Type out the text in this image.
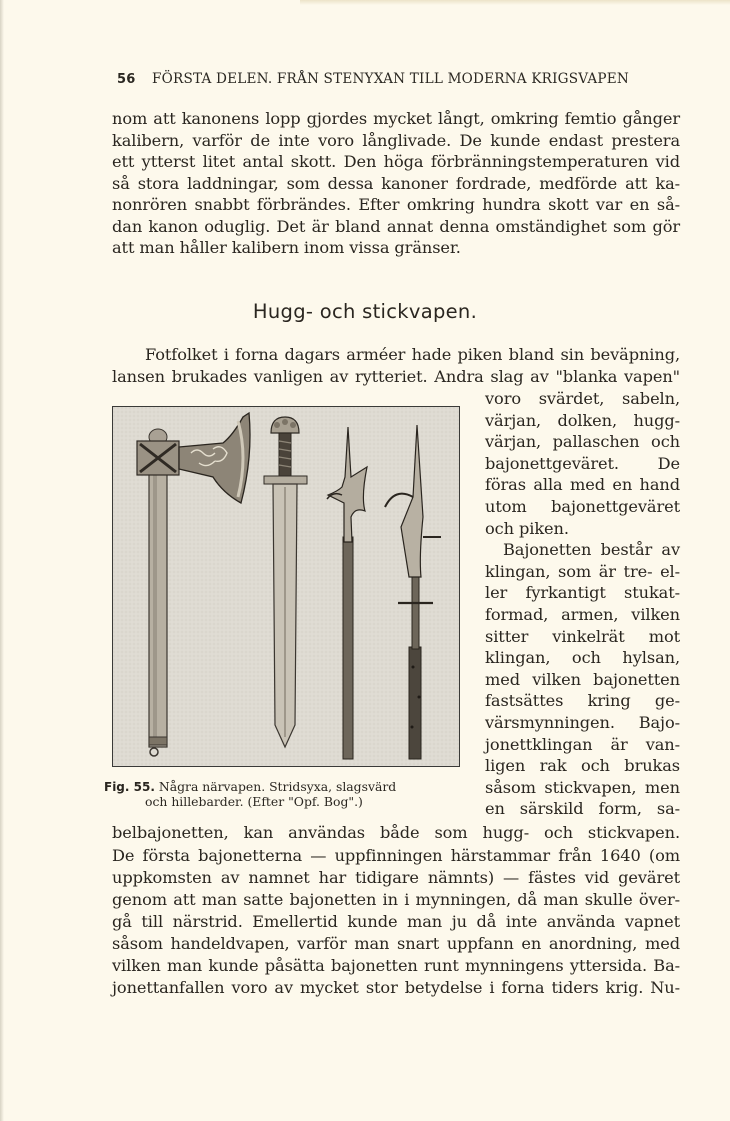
56 FÖRSTA DELEN. FRÅN STENYXAN TILL MODERNA KRIGSVAPEN
nom att kanonens lopp gjordes mycket långt, omkring femtio gånger
kalibern, varför de inte voro långlivade. De kunde endast prestera
ett ytterst litet antal skott. Den höga förbränningstemperaturen vid
så stora laddningar, som dessa kanoner fordrade, medförde att ka-
nonrören snabbt förbrändes. Efter omkring hundra skott var en så-
dan kanon oduglig. Det är bland annat denna omständighet som gör
att man håller kalibern inom vissa gränser.
Hugg- och stickvapen.
Fotfolket i forna dagars arméer hade piken bland sin beväpning,
lansen brukades vanligen av rytteriet. Andra slag av "blanka vapen"
Fig. 55. Några närvapen. Stridsyxa, slagsvärd
och hillebarder. (Efter "Opf. Bog".)
voro svärdet, sabeln,
värjan, dolken, hugg-
värjan, pallaschen och
bajonettgeväret. De
föras alla med en hand
utom bajonettgeväret
och piken.
Bajonetten består av
klingan, som är tre- el-
ler fyrkantigt stukat-
formad, armen, vilken
sitter vinkelrät mot
klingan, och hylsan,
med vilken bajonetten
fastsättes kring ge-
värsmynningen. Bajo-
jonettklingan är van-
ligen rak och brukas
såsom stickvapen, men
en särskild form, sa-
belbajonetten, kan användas både som hugg- och stickvapen.
De första bajonetterna — uppfinningen härstammar från 1640 (om
uppkomsten av namnet har tidigare nämnts) — fästes vid geväret
genom att man satte bajonetten in i mynningen, då man skulle över-
gå till närstrid. Emellertid kunde man ju då inte använda vapnet
såsom handeldvapen, varför man snart uppfann en anordning, med
vilken man kunde påsätta bajonetten runt mynningens yttersida. Ba-
jonettanfallen voro av mycket stor betydelse i forna tiders krig. Nu-
